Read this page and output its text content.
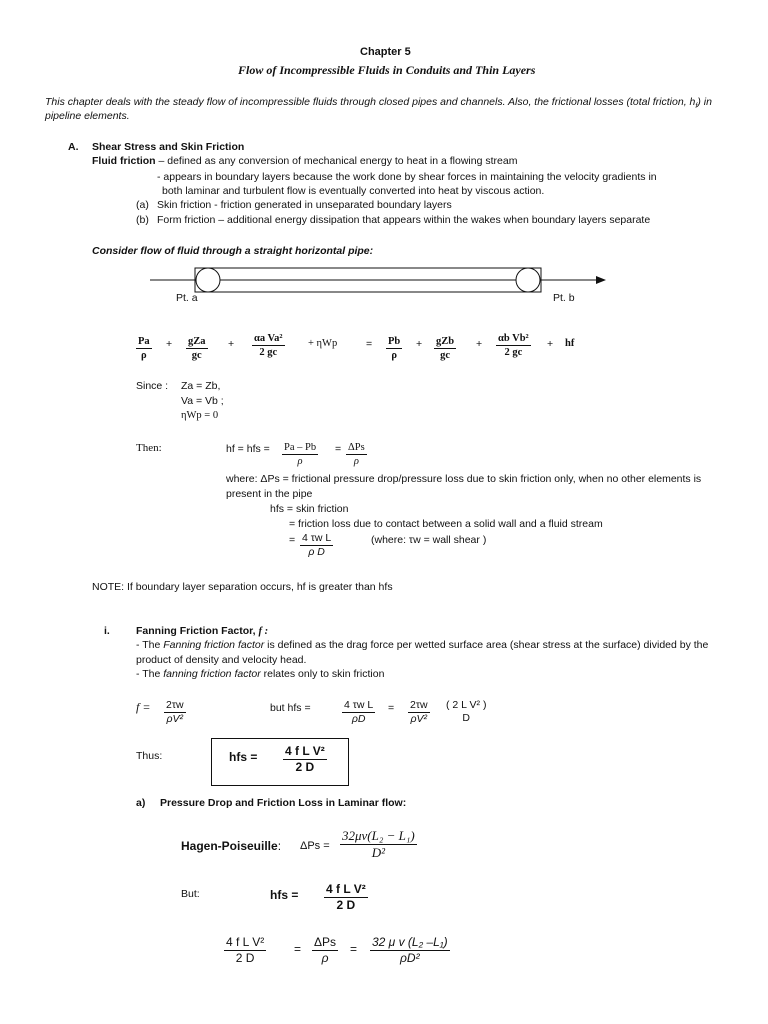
Chapter 5
Flow of Incompressible Fluids in Conduits and Thin Layers
This chapter deals with the steady flow of incompressible fluids through closed pipes and channels. Also, the frictional losses (total friction, $h_f$) in
pipeline elements.
A. Shear Stress and Skin Friction
Fluid friction – defined as any conversion of mechanical energy to heat in a flowing stream
- appears in boundary layers because the work done by shear forces in maintaining the velocity gradients in
both laminar and turbulent flow is eventually converted into heat by viscous action.
(a) Skin friction - friction generated in unseparated boundary layers
(b) Form friction – additional energy dissipation that appears within the wakes when boundary layers separate
Consider flow of fluid through a straight horizontal pipe:
Pt. a	Pt. b
$\frac{Pa}{\rho}$ + gZa
gc
+ $\frac{\text{αa Va²}}{2 gc} + \eta Wp$	= $\frac{Pb}{\rho}$ + gZb
gc
+ $\frac{\text{αb Vb²}}{2 gc}$ + hf
Since : Za = Zb,
Va = Vb ;
ηWp = 0
Then:	hf = hfs = $\frac{Pa - Pb}{\rho} = \Delta Ps$
ρ
where: ΔPs = frictional pressure drop/pressure loss due to skin friction only, when no other elements is
present in the pipe
hfs = skin friction
= friction loss due to contact between a solid wall and a fluid stream
= $\frac{\text{4 τw L}}{\text{ρ D}}$	(where: τw = wall shear )
NOTE: If boundary layer separation occurs, hf is greater than hfs
i. Fanning Friction Factor, f :
- The Fanning friction factor is defined as the drag force per wetted surface area (shear stress at the surface) divided by the
product of density and velocity head.
- The fanning friction factor relates only to skin friction
$f = \frac{2\tau w}{\text{ρV²}}$	but hfs =	$\frac{\text{4 τw L}}{\rho D} = \frac{2\tau w}{\text{ρV²}}$ ( 2 L V² )
D
Thus:	hfs = $\frac{\text{4 f L V²}}{2 D}$
a) Pressure Drop and Friction Loss in Laminar flow:
Hagen-Poiseuille: $\Delta Ps = \frac{\text{32μv(L₂ − L₁)}}{\text{D²}}$
But:	hfs = $\frac{\text{4 f L V²}}{2 D}$
$\frac{\text{4 f L V²}}{2 D} = \Delta Ps$
ρ
= $\frac{\text{32 μ v (L₂ –L₁)}}{\text{ρD²}}$
